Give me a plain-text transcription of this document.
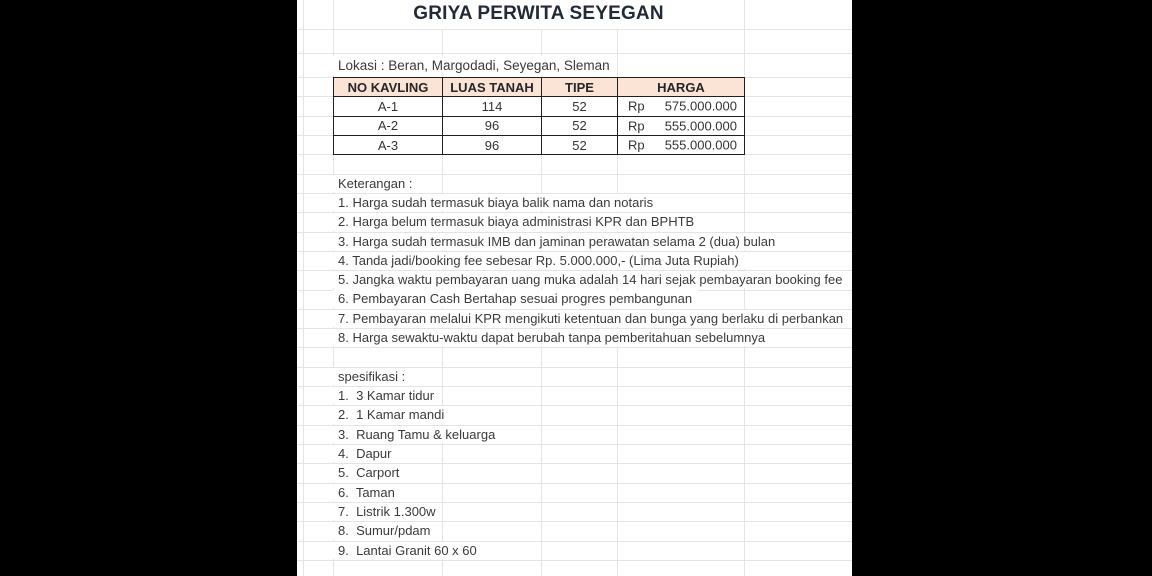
GRIYA PERWITA SEYEGAN
Lokasi : Beran, Margodadi, Seyegan, Sleman
NO KAVLING	LUAS TANAH	TIPE	HARGA
A-1	114	52	Rp 575.000.000

A-2	96	52	Rp 555.000.000

A-3	96	52	Rp 555.000.000
Keterangan :
1. Harga sudah termasuk biaya balik nama dan notaris
2. Harga belum termasuk biaya administrasi KPR dan BPHTB
3. Harga sudah termasuk IMB dan jaminan perawatan selama 2 (dua) bulan
4. Tanda jadi/booking fee sebesar Rp. 5.000.000,- (Lima Juta Rupiah)
5. Jangka waktu pembayaran uang muka adalah 14 hari sejak pembayaran booking fee
6. Pembayaran Cash Bertahap sesuai progres pembangunan
7. Pembayaran melalui KPR mengikuti ketentuan dan bunga yang berlaku di perbankan
8. Harga sewaktu-waktu dapat berubah tanpa pemberitahuan sebelumnya
spesifikasi :
1.  3 Kamar tidur
2.  1 Kamar mandi
3.  Ruang Tamu & keluarga
4.  Dapur
5.  Carport
6.  Taman
7.  Listrik 1.300w
8.  Sumur/pdam
9.  Lantai Granit 60 x 60
